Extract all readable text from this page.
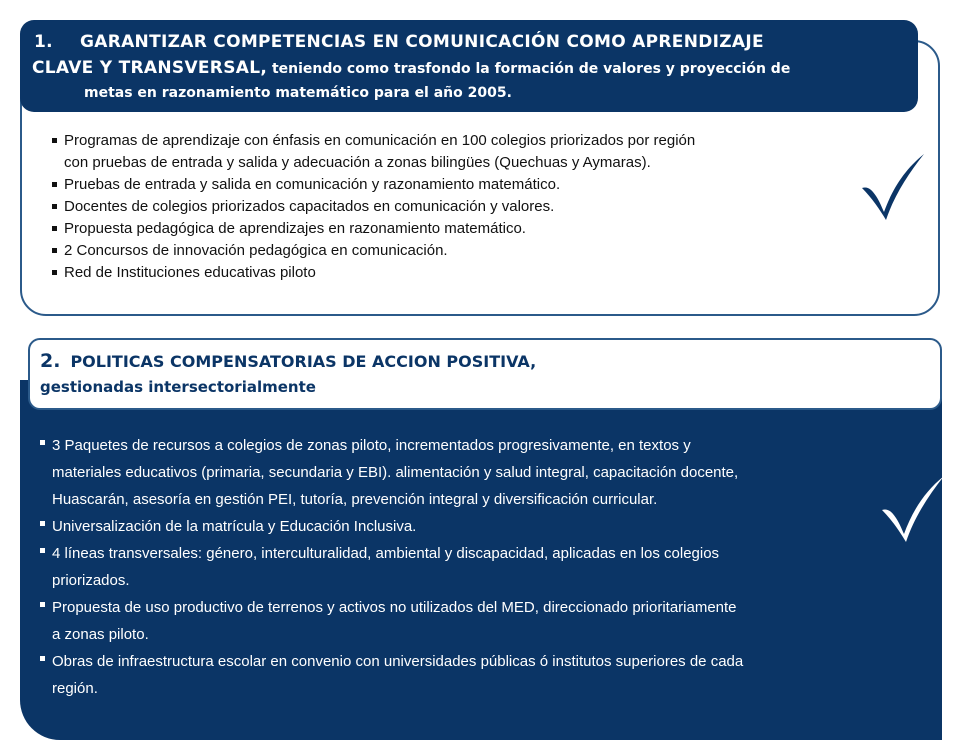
1. GARANTIZAR COMPETENCIAS EN COMUNICACIÓN COMO APRENDIZAJE
CLAVE Y TRANSVERSAL, teniendo como trasfondo la formación de valores y proyección de
metas en razonamiento matemático para el año 2005.
Programas de aprendizaje con énfasis en comunicación en 100 colegios priorizados por región
con pruebas de entrada y salida y adecuación a zonas bilingües (Quechuas y Aymaras).
Pruebas de entrada y salida en comunicación y razonamiento matemático.
Docentes de colegios priorizados capacitados en comunicación y valores.
Propuesta pedagógica de aprendizajes en razonamiento matemático.
2 Concursos de innovación pedagógica en comunicación.
Red de Instituciones educativas piloto
2. POLITICAS COMPENSATORIAS DE ACCION POSITIVA,
gestionadas intersectorialmente
3 Paquetes de recursos a colegios de zonas piloto, incrementados progresivamente, en textos y
materiales educativos (primaria, secundaria y EBI). alimentación y salud integral, capacitación docente,
Huascarán, asesoría en gestión PEI, tutoría, prevención integral y diversificación curricular.
Universalización de la matrícula y Educación Inclusiva.
4 líneas transversales: género, interculturalidad, ambiental y discapacidad, aplicadas en los colegios
priorizados.
Propuesta de uso productivo de terrenos y activos no utilizados del MED, direccionado prioritariamente
a zonas piloto.
Obras de infraestructura escolar en convenio con universidades públicas ó institutos superiores de cada
región.
